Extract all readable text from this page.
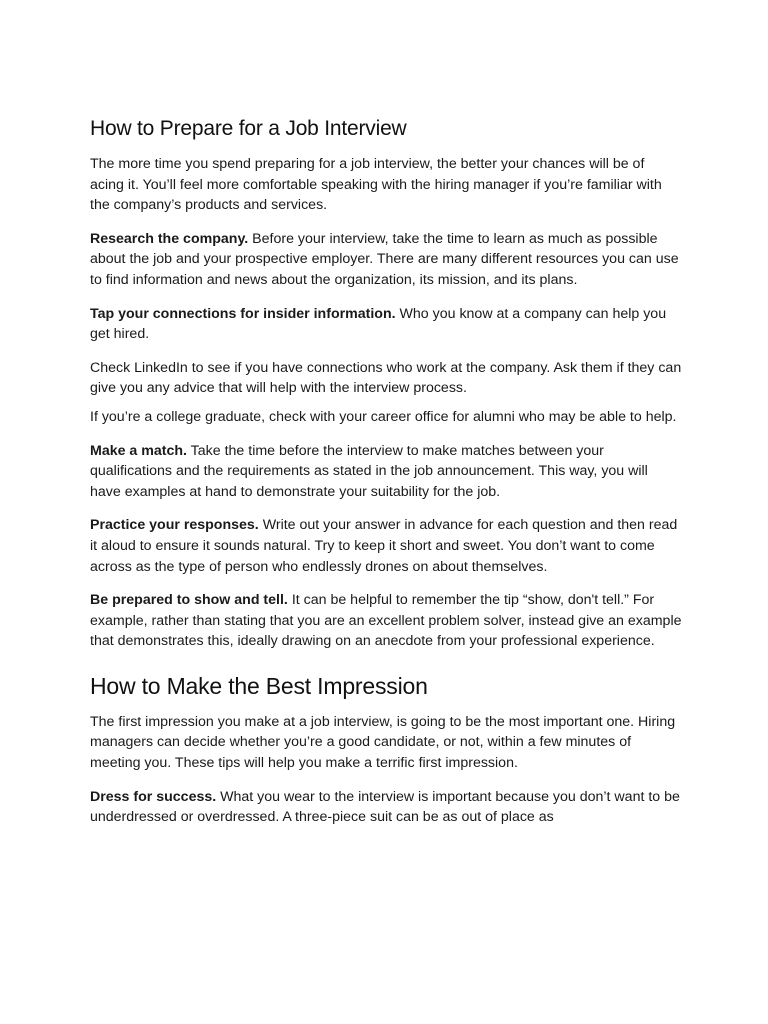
How to Prepare for a Job Interview

The more time you spend preparing for a job interview, the better your chances will be of acing it. You’ll feel more comfortable speaking with the hiring manager if you’re familiar with the company’s products and services.

Research the company. Before your interview, take the time to learn as much as possible about the job and your prospective employer. There are many different resources you can use to find information and news about the organization, its mission, and its plans.

Tap your connections for insider information. Who you know at a company can help you get hired.

Check LinkedIn to see if you have connections who work at the company. Ask them if they can give you any advice that will help with the interview process.

If you’re a college graduate, check with your career office for alumni who may be able to help.

Make a match. Take the time before the interview to make matches between your qualifications and the requirements as stated in the job announcement. This way, you will have examples at hand to demonstrate your suitability for the job.

Practice your responses. Write out your answer in advance for each question and then read it aloud to ensure it sounds natural. Try to keep it short and sweet. You don’t want to come across as the type of person who endlessly drones on about themselves.

Be prepared to show and tell. It can be helpful to remember the tip “show, don't tell.” For example, rather than stating that you are an excellent problem solver, instead give an example that demonstrates this, ideally drawing on an anecdote from your professional experience.

How to Make the Best Impression

The first impression you make at a job interview, is going to be the most important one. Hiring managers can decide whether you’re a good candidate, or not, within a few minutes of meeting you. These tips will help you make a terrific first impression.

Dress for success. What you wear to the interview is important because you don’t want to be underdressed or overdressed. A three-piece suit can be as out of place as
